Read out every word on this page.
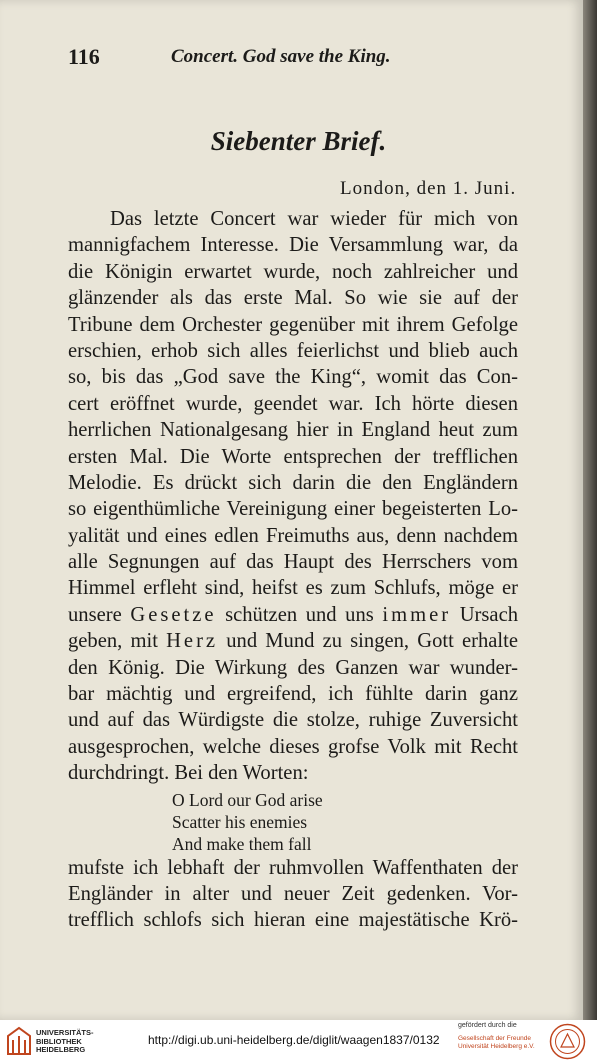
116	Concert. God save the King.
Siebenter Brief.
London, den 1. Juni.
Das letzte Concert war wieder für mich von
mannigfachem Interesse. Die Versammlung war, da
die Königin erwartet wurde, noch zahlreicher und
glänzender als das erste Mal. So wie sie auf der
Tribune dem Orchester gegenüber mit ihrem Gefolge
erschien, erhob sich alles feierlichst und blieb auch
so, bis das „God save the King“, womit das Con-
cert eröffnet wurde, geendet war. Ich hörte diesen
herrlichen Nationalgesang hier in England heut zum
ersten Mal. Die Worte entsprechen der trefflichen
Melodie. Es drückt sich darin die den Engländern
so eigenthümliche Vereinigung einer begeisterten Lo-
yalität und eines edlen Freimuths aus, denn nachdem
alle Segnungen auf das Haupt des Herrschers vom
Himmel erfleht sind, heifst es zum Schlufs, möge er
unsere Gesetze schützen und uns immer Ursach
geben, mit Herz und Mund zu singen, Gott erhalte
den König. Die Wirkung des Ganzen war wunder-
bar mächtig und ergreifend, ich fühlte darin ganz
und auf das Würdigste die stolze, ruhige Zuversicht
ausgesprochen, welche dieses grofse Volk mit Recht
durchdringt. Bei den Worten:
O Lord our God arise
Scatter his enemies
And make them fall
mufste ich lebhaft der ruhmvollen Waffenthaten der
Engländer in alter und neuer Zeit gedenken. Vor-
trefflich schlofs sich hieran eine majestätische Krö-
UNIVERSITÄTS-
BIBLIOTHEK
HEIDELBERG
http://digi.ub.uni-heidelberg.de/diglit/waagen1837/0132
gefördert durch die
Gesellschaft der Freunde
Universität Heidelberg e.V.
